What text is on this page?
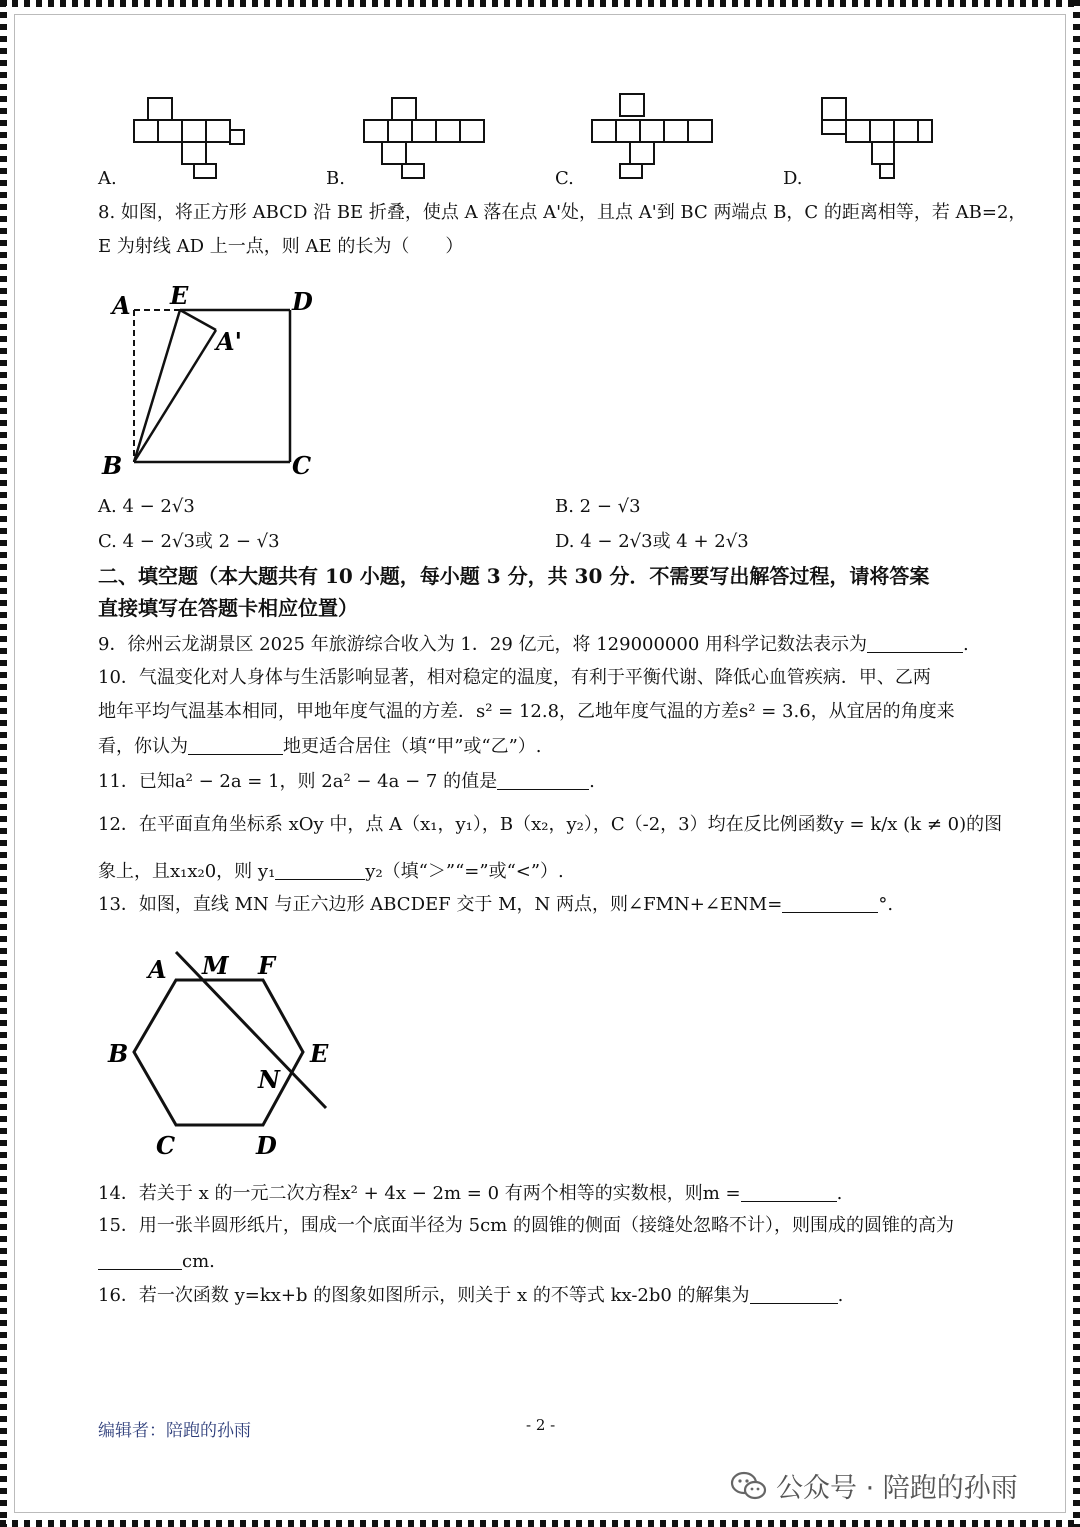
A.	B.	C.	D.
8. 如图，将正方形 ABCD 沿 BE 折叠，使点 A 落在点 A'处，且点 A'到 BC 两端点 B，C 的距离相等，若 AB=2，
E 为射线 AD 上一点，则 AE 的长为（　　）
A E	D
A'
B	C
A. 4 − 2√3	B. 2 − √3
C. 4 − 2√3或 2 − √3	D. 4 − 2√3或 4 + 2√3
二、填空题（本大题共有 10 小题，每小题 3 分，共 30 分．不需要写出解答过程，请将答案
直接填写在答题卡相应位置）
9．徐州云龙湖景区 2025 年旅游综合收入为 1．29 亿元，将 129000000 用科学记数法表示为	.
10．气温变化对人身体与生活影响显著，相对稳定的温度，有利于平衡代谢、降低心血管疾病．甲、乙两
地年平均气温基本相同，甲地年度气温的方差．s² = 12.8，乙地年度气温的方差s² = 3.6，从宜居的角度来
看，你认为	地更适合居住（填“甲”或“乙”）.
11．已知a² − 2a = 1，则 2a² − 4a − 7 的值是	.
12．在平面直角坐标系 xOy 中，点 A（x₁，y₁），B（x₂，y₂），C（-2，3）均在反比例函数y = k/x (k ≠ 0)的图
象上，且x₁x₂0，则 y₁	y₂（填“＞”“=”或“<”）.
13．如图，直线 MN 与正六边形 ABCDEF 交于 M，N 两点，则∠FMN+∠ENM=	°.
A M F
B	E
N
C	D
14．若关于 x 的一元二次方程x² + 4x − 2m = 0 有两个相等的实数根，则m =	.
15．用一张半圆形纸片，围成一个底面半径为 5cm 的圆锥的侧面（接缝处忽略不计），则围成的圆锥的高为
cm.
16．若一次函数 y=kx+b 的图象如图所示，则关于 x 的不等式 kx-2b0 的解集为	.
编辑者：陪跑的孙雨	- 2 -
公众号 · 陪跑的孙雨
